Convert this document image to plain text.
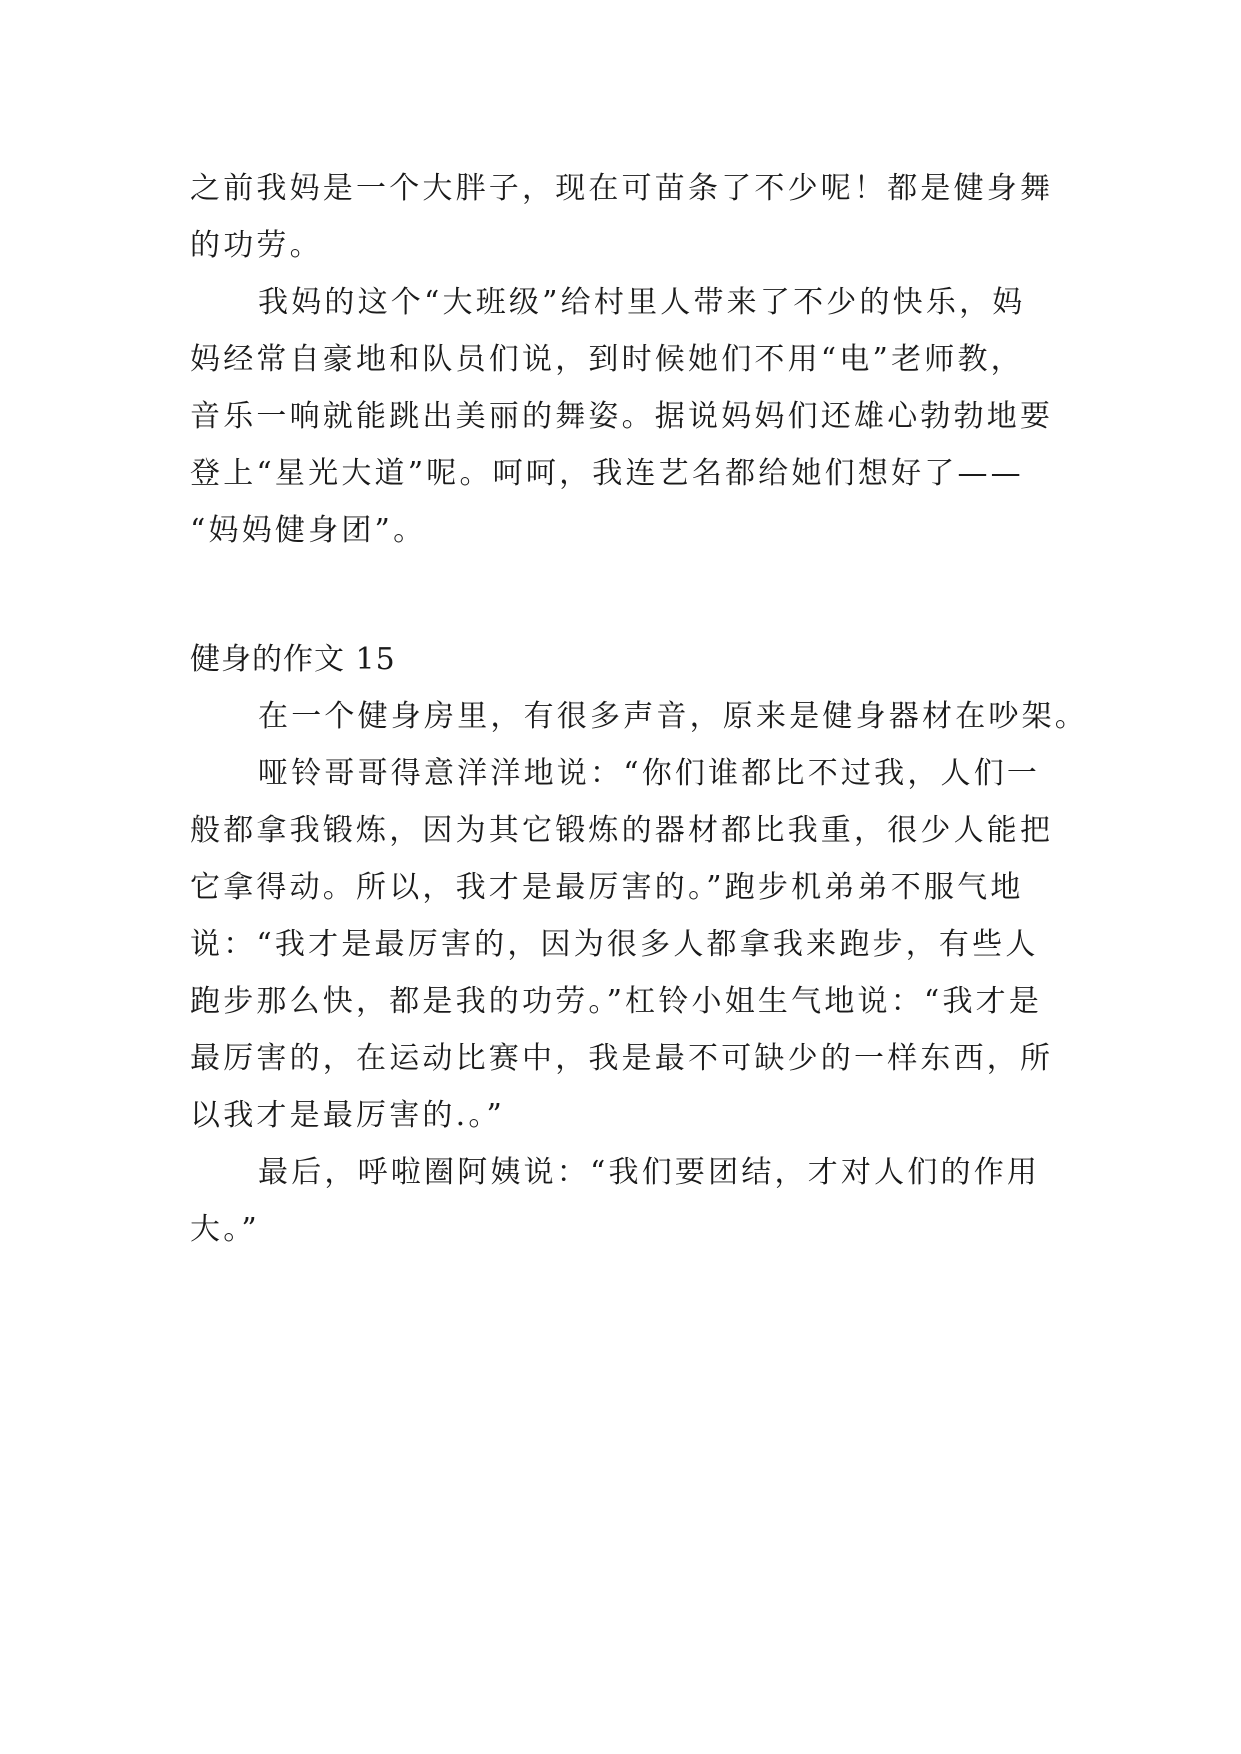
之前我妈是一个大胖子，现在可苗条了不少呢！都是健身舞
的功劳。
我妈的这个“大班级”给村里人带来了不少的快乐，妈
妈经常自豪地和队员们说，到时候她们不用“电”老师教，
音乐一响就能跳出美丽的舞姿。据说妈妈们还雄心勃勃地要
登上“星光大道”呢。呵呵，我连艺名都给她们想好了——
“妈妈健身团”。
健身的作文 15
在一个健身房里，有很多声音，原来是健身器材在吵架。
哑铃哥哥得意洋洋地说：“你们谁都比不过我，人们一
般都拿我锻炼，因为其它锻炼的器材都比我重，很少人能把
它拿得动。所以，我才是最厉害的。”跑步机弟弟不服气地
说：“我才是最厉害的，因为很多人都拿我来跑步，有些人
跑步那么快，都是我的功劳。”杠铃小姐生气地说：“我才是
最厉害的，在运动比赛中，我是最不可缺少的一样东西，所
以我才是最厉害的.。”
最后，呼啦圈阿姨说：“我们要团结，才对人们的作用
大。”
